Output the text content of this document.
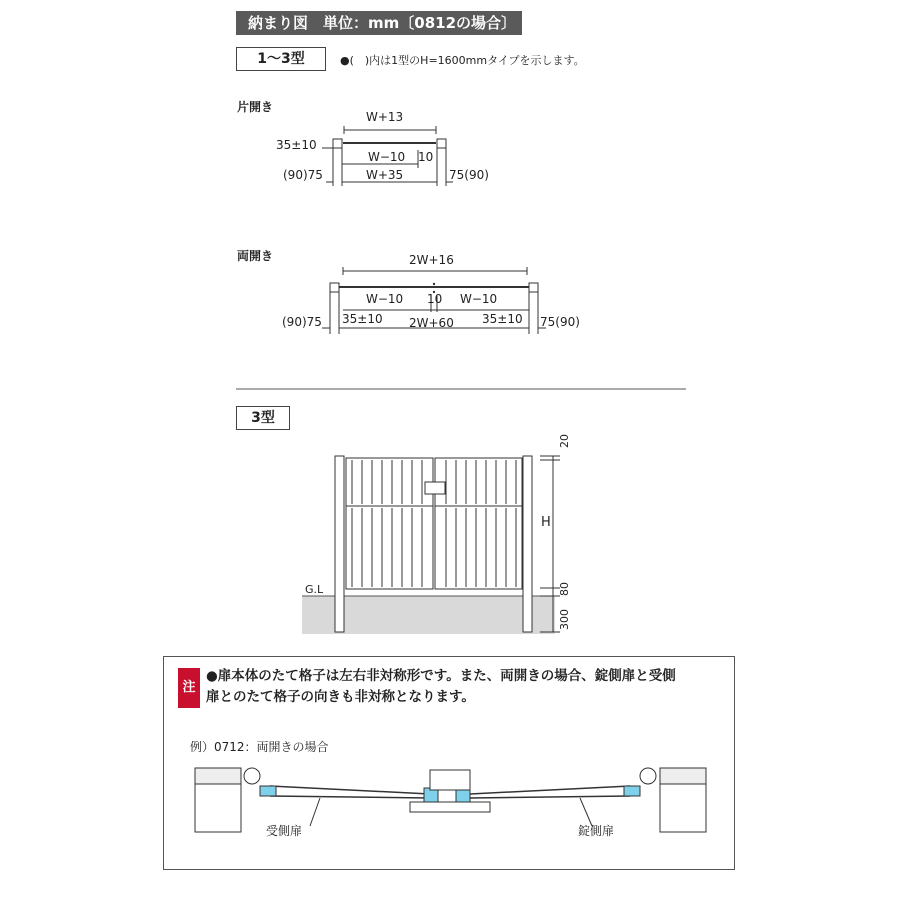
納まり図　単位：mm〔0812の場合〕
1〜3型	●(　)内は1型のH=1600mmタイプを示します。
片開き
両開き
W+13
35±10
W−10 10
(90)75	W+35	75(90)
2W+16
W−10 10 W−10
(90)75 35±10 2W+60 35±10 75(90)
3型
G.L
20
H
80
300
注
●扉本体のたて格子は左右非対称形です。また、両開きの場合、錠側扉と受側
扉とのたて格子の向きも非対称となります。
例）0712：両開きの場合
受側扉	錠側扉
